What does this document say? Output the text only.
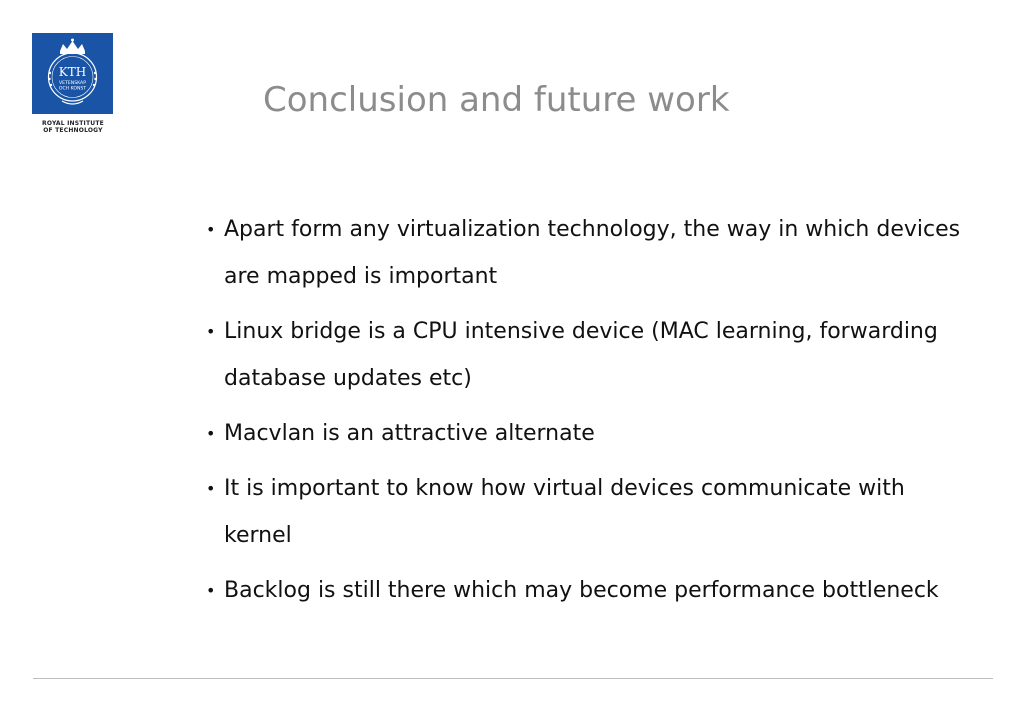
KTH
VETENSKAP
OCH KONST
ROYAL INSTITUTE
OF TECHNOLOGY
Conclusion and future work
• Apart form any virtualization technology, the way in which devices are mapped is important
• Linux bridge is a CPU intensive device (MAC learning, forwarding database updates etc)
• Macvlan is an attractive alternate
• It is important to know how virtual devices communicate with kernel
• Backlog is still there which may become performance bottleneck
